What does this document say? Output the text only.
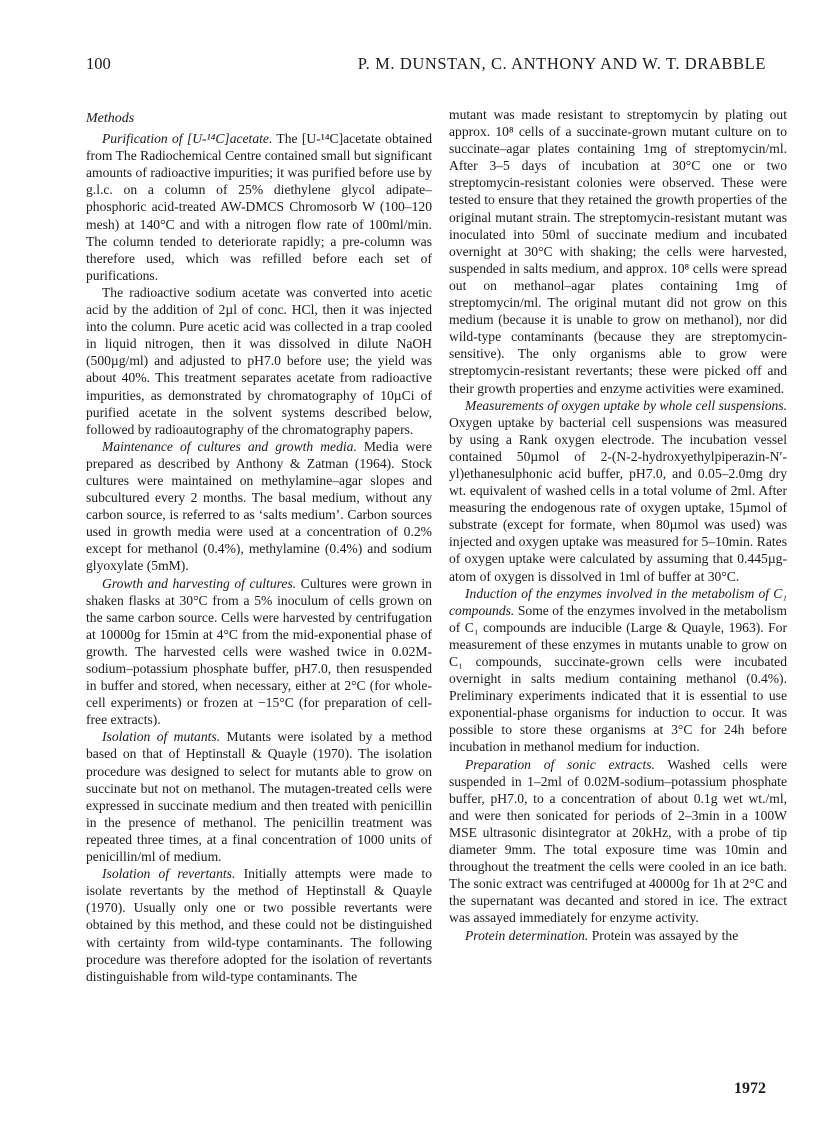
100	P. M. DUNSTAN, C. ANTHONY AND W. T. DRABBLE
Methods

Purification of [U-¹⁴C]acetate. The [U-¹⁴C]acetate obtained from The Radiochemical Centre contained small but significant amounts of radioactive impurities; it was purified before use by g.l.c. on a column of 25% diethylene glycol adipate–phosphoric acid-treated AW-DMCS Chromosorb W (100–120 mesh) at 140°C and with a nitrogen flow rate of 100ml/min. The column tended to deteriorate rapidly; a pre-column was therefore used, which was refilled before each set of purifications.

The radioactive sodium acetate was converted into acetic acid by the addition of 2µl of conc. HCl, then it was injected into the column. Pure acetic acid was collected in a trap cooled in liquid nitrogen, then it was dissolved in dilute NaOH (500µg/ml) and adjusted to pH7.0 before use; the yield was about 40%. This treatment separates acetate from radioactive impurities, as demonstrated by chromatography of 10µCi of purified acetate in the solvent systems described below, followed by radioautography of the chromatography papers.

Maintenance of cultures and growth media. Media were prepared as described by Anthony & Zatman (1964). Stock cultures were maintained on methylamine–agar slopes and subcultured every 2 months. The basal medium, without any carbon source, is referred to as ‘salts medium’. Carbon sources used in growth media were used at a concentration of 0.2% except for methanol (0.4%), methylamine (0.4%) and sodium glyoxylate (5mM).

Growth and harvesting of cultures. Cultures were grown in shaken flasks at 30°C from a 5% inoculum of cells grown on the same carbon source. Cells were harvested by centrifugation at 10000g for 15min at 4°C from the mid-exponential phase of growth. The harvested cells were washed twice in 0.02M-sodium–potassium phosphate buffer, pH7.0, then resuspended in buffer and stored, when necessary, either at 2°C (for whole-cell experiments) or frozen at −15°C (for preparation of cell-free extracts).

Isolation of mutants. Mutants were isolated by a method based on that of Heptinstall & Quayle (1970). The isolation procedure was designed to select for mutants able to grow on succinate but not on methanol. The mutagen-treated cells were expressed in succinate medium and then treated with penicillin in the presence of methanol. The penicillin treatment was repeated three times, at a final concentration of 1000 units of penicillin/ml of medium.

Isolation of revertants. Initially attempts were made to isolate revertants by the method of Heptinstall & Quayle (1970). Usually only one or two possible revertants were obtained by this method, and these could not be distinguished with certainty from wild-type contaminants. The following procedure was therefore adopted for the isolation of revertants distinguishable from wild-type contaminants. The

mutant was made resistant to streptomycin by plating out approx. 10⁸ cells of a succinate-grown mutant culture on to succinate–agar plates containing 1mg of streptomycin/ml. After 3–5 days of incubation at 30°C one or two streptomycin-resistant colonies were observed. These were tested to ensure that they retained the growth properties of the original mutant strain. The streptomycin-resistant mutant was inoculated into 50ml of succinate medium and incubated overnight at 30°C with shaking; the cells were harvested, suspended in salts medium, and approx. 10⁸ cells were spread out on methanol–agar plates containing 1mg of streptomycin/ml. The original mutant did not grow on this medium (because it is unable to grow on methanol), nor did wild-type contaminants (because they are streptomycin-sensitive). The only organisms able to grow were streptomycin-resistant revertants; these were picked off and their growth properties and enzyme activities were examined.

Measurements of oxygen uptake by whole cell suspensions. Oxygen uptake by bacterial cell suspensions was measured by using a Rank oxygen electrode. The incubation vessel contained 50µmol of 2-(N-2-hydroxyethylpiperazin-N′-yl)ethanesulphonic acid buffer, pH7.0, and 0.05–2.0mg dry wt. equivalent of washed cells in a total volume of 2ml. After measuring the endogenous rate of oxygen uptake, 15µmol of substrate (except for formate, when 80µmol was used) was injected and oxygen uptake was measured for 5–10min. Rates of oxygen uptake were calculated by assuming that 0.445µg-atom of oxygen is dissolved in 1ml of buffer at 30°C.

Induction of the enzymes involved in the metabolism of C₁ compounds. Some of the enzymes involved in the metabolism of C₁ compounds are inducible (Large & Quayle, 1963). For measurement of these enzymes in mutants unable to grow on C₁ compounds, succinate-grown cells were incubated overnight in salts medium containing methanol (0.4%). Preliminary experiments indicated that it is essential to use exponential-phase organisms for induction to occur. It was possible to store these organisms at 3°C for 24h before incubation in methanol medium for induction.

Preparation of sonic extracts. Washed cells were suspended in 1–2ml of 0.02M-sodium–potassium phosphate buffer, pH7.0, to a concentration of about 0.1g wet wt./ml, and were then sonicated for periods of 2–3min in a 100W MSE ultrasonic disintegrator at 20kHz, with a probe of tip diameter 9mm. The total exposure time was 10min and throughout the treatment the cells were cooled in an ice bath. The sonic extract was centrifuged at 40000g for 1h at 2°C and the supernatant was decanted and stored in ice. The extract was assayed immediately for enzyme activity.

Protein determination. Protein was assayed by the

1972
